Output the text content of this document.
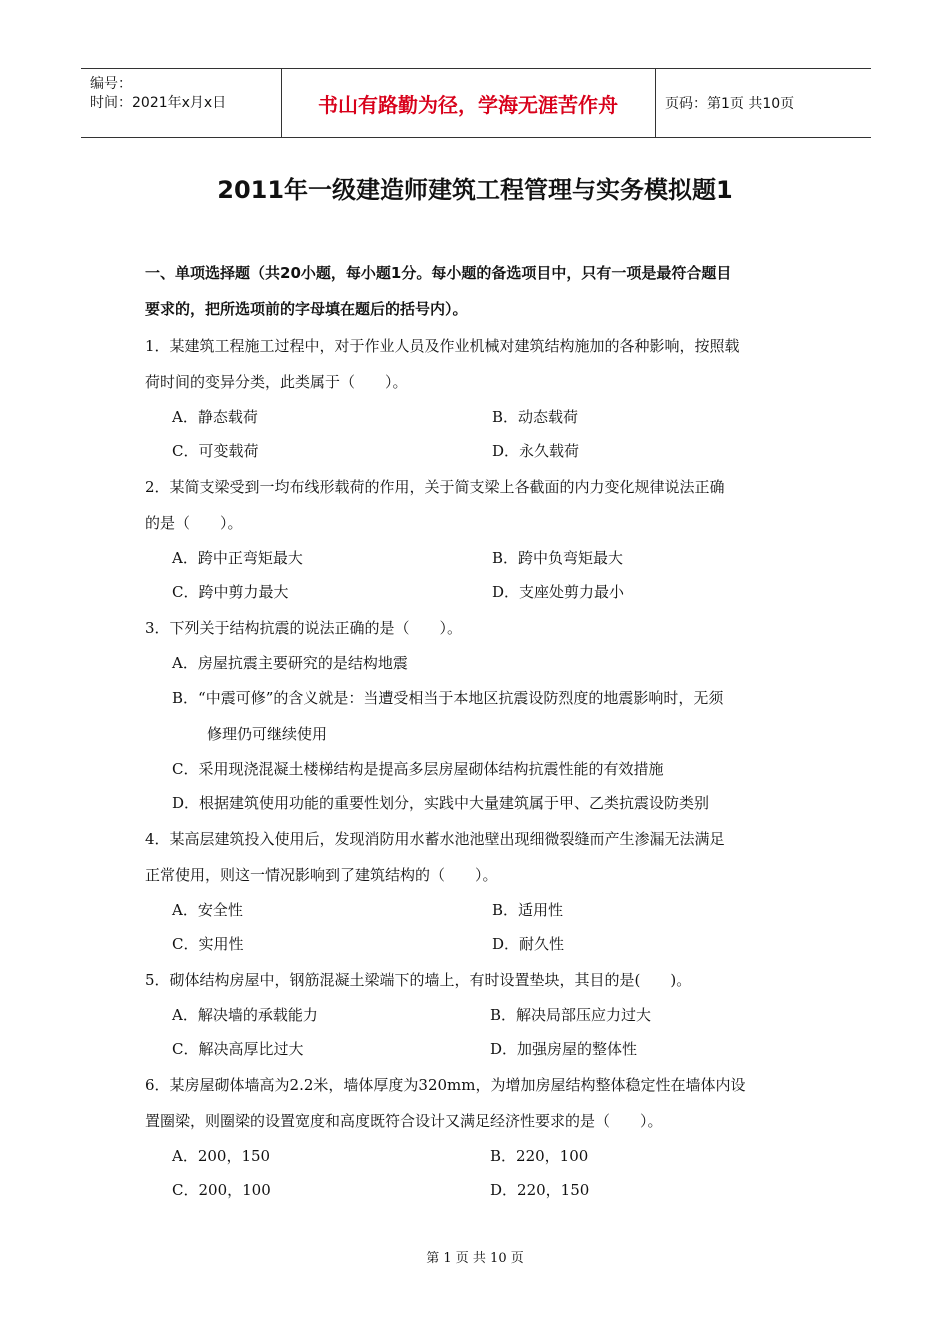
编号：
时间：2021年x月x日	书山有路勤为径，学海无涯苦作舟	页码：第1页 共10页
2011年一级建造师建筑工程管理与实务模拟题1
一、单项选择题（共20小题，每小题1分。每小题的备选项目中，只有一项是最符合题目
要求的，把所选项前的字母填在题后的括号内）。
1．某建筑工程施工过程中，对于作业人员及作业机械对建筑结构施加的各种影响，按照载
荷时间的变异分类，此类属于（　　）。
A．静态载荷	B．动态载荷
C．可变载荷	D．永久载荷
2．某简支梁受到一均布线形载荷的作用，关于简支梁上各截面的内力变化规律说法正确
的是（　　）。
A．跨中正弯矩最大	B．跨中负弯矩最大
C．跨中剪力最大	D．支座处剪力最小
3．下列关于结构抗震的说法正确的是（　　）。
A．房屋抗震主要研究的是结构地震
B．“中震可修”的含义就是：当遭受相当于本地区抗震设防烈度的地震影响时，无须
修理仍可继续使用
C．采用现浇混凝土楼梯结构是提高多层房屋砌体结构抗震性能的有效措施
D．根据建筑使用功能的重要性划分，实践中大量建筑属于甲、乙类抗震设防类别
4．某高层建筑投入使用后，发现消防用水蓄水池池壁出现细微裂缝而产生渗漏无法满足
正常使用，则这一情况影响到了建筑结构的（　　）。
A．安全性	B．适用性
C．实用性	D．耐久性
5．砌体结构房屋中，钢筋混凝土梁端下的墙上，有时设置垫块，其目的是(　　)。
A．解决墙的承载能力	B．解决局部压应力过大
C．解决高厚比过大	D．加强房屋的整体性
6．某房屋砌体墙高为2.2米，墙体厚度为320mm，为增加房屋结构整体稳定性在墙体内设
置圈梁，则圈梁的设置宽度和高度既符合设计又满足经济性要求的是（　　）。
A．200，150	B．220，100
C．200，100	D．220，150
第 1 页 共 10 页
